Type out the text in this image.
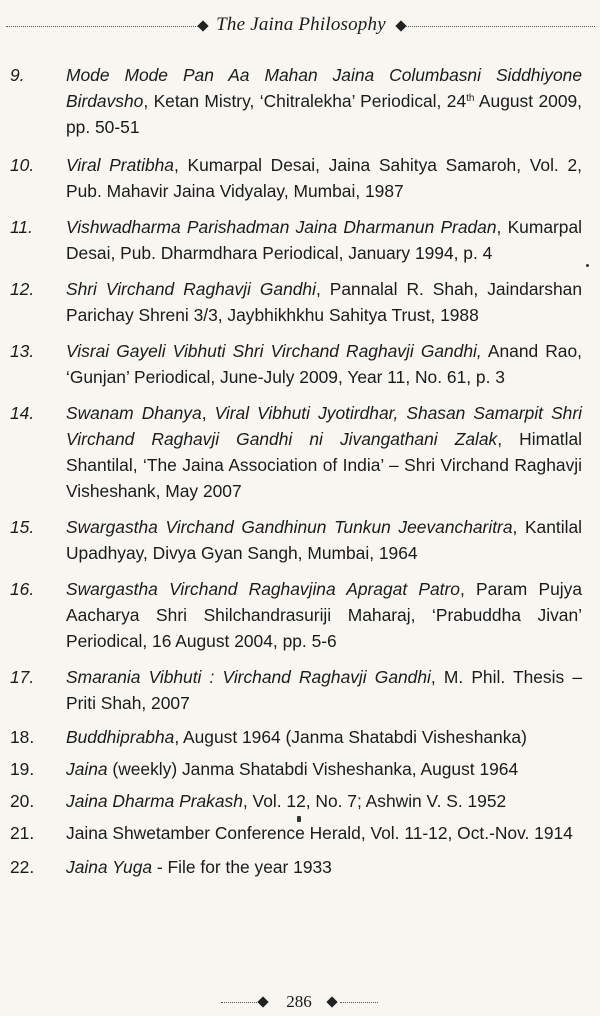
The Jaina Philosophy
9. Mode Mode Pan Aa Mahan Jaina Columbasni Siddhiyone Birdavsho, Ketan Mistry, ‘Chitralekha’ Periodical, 24th August 2009, pp. 50-51
10. Viral Pratibha, Kumarpal Desai, Jaina Sahitya Samaroh, Vol. 2, Pub. Mahavir Jaina Vidyalay, Mumbai, 1987
11. Vishwadharma Parishadman Jaina Dharmanun Pradan, Kumarpal Desai, Pub. Dharmdhara Periodical, January 1994, p. 4
12. Shri Virchand Raghavji Gandhi, Pannalal R. Shah, Jaindarshan Parichay Shreni 3/3, Jaybhikhkhu Sahitya Trust, 1988
13. Visrai Gayeli Vibhuti Shri Virchand Raghavji Gandhi, Anand Rao, ‘Gunjan’ Periodical, June-July 2009, Year 11, No. 61, p. 3
14. Swanam Dhanya, Viral Vibhuti Jyotirdhar, Shasan Samarpit Shri Virchand Raghavji Gandhi ni Jivangathani Zalak, Himatlal Shantilal, ‘The Jaina Association of India’ – Shri Virchand Raghavji Visheshank, May 2007
15. Swargastha Virchand Gandhinun Tunkun Jeevancharitra, Kantilal Upadhyay, Divya Gyan Sangh, Mumbai, 1964
16. Swargastha Virchand Raghavjina Apragat Patro, Param Pujya Aacharya Shri Shilchandrasuriji Maharaj, ‘Prabuddha Jivan’ Periodical, 16 August 2004, pp. 5-6
17. Smarania Vibhuti : Virchand Raghavji Gandhi, M. Phil. Thesis – Priti Shah, 2007
18. Buddhiprabha, August 1964 (Janma Shatabdi Visheshanka)
19. Jaina (weekly) Janma Shatabdi Visheshanka, August 1964
20. Jaina Dharma Prakash, Vol. 12, No. 7; Ashwin V. S. 1952
21. Jaina Shwetamber Conference Herald, Vol. 11-12, Oct.-Nov. 1914
22. Jaina Yuga - File for the year 1933
286
